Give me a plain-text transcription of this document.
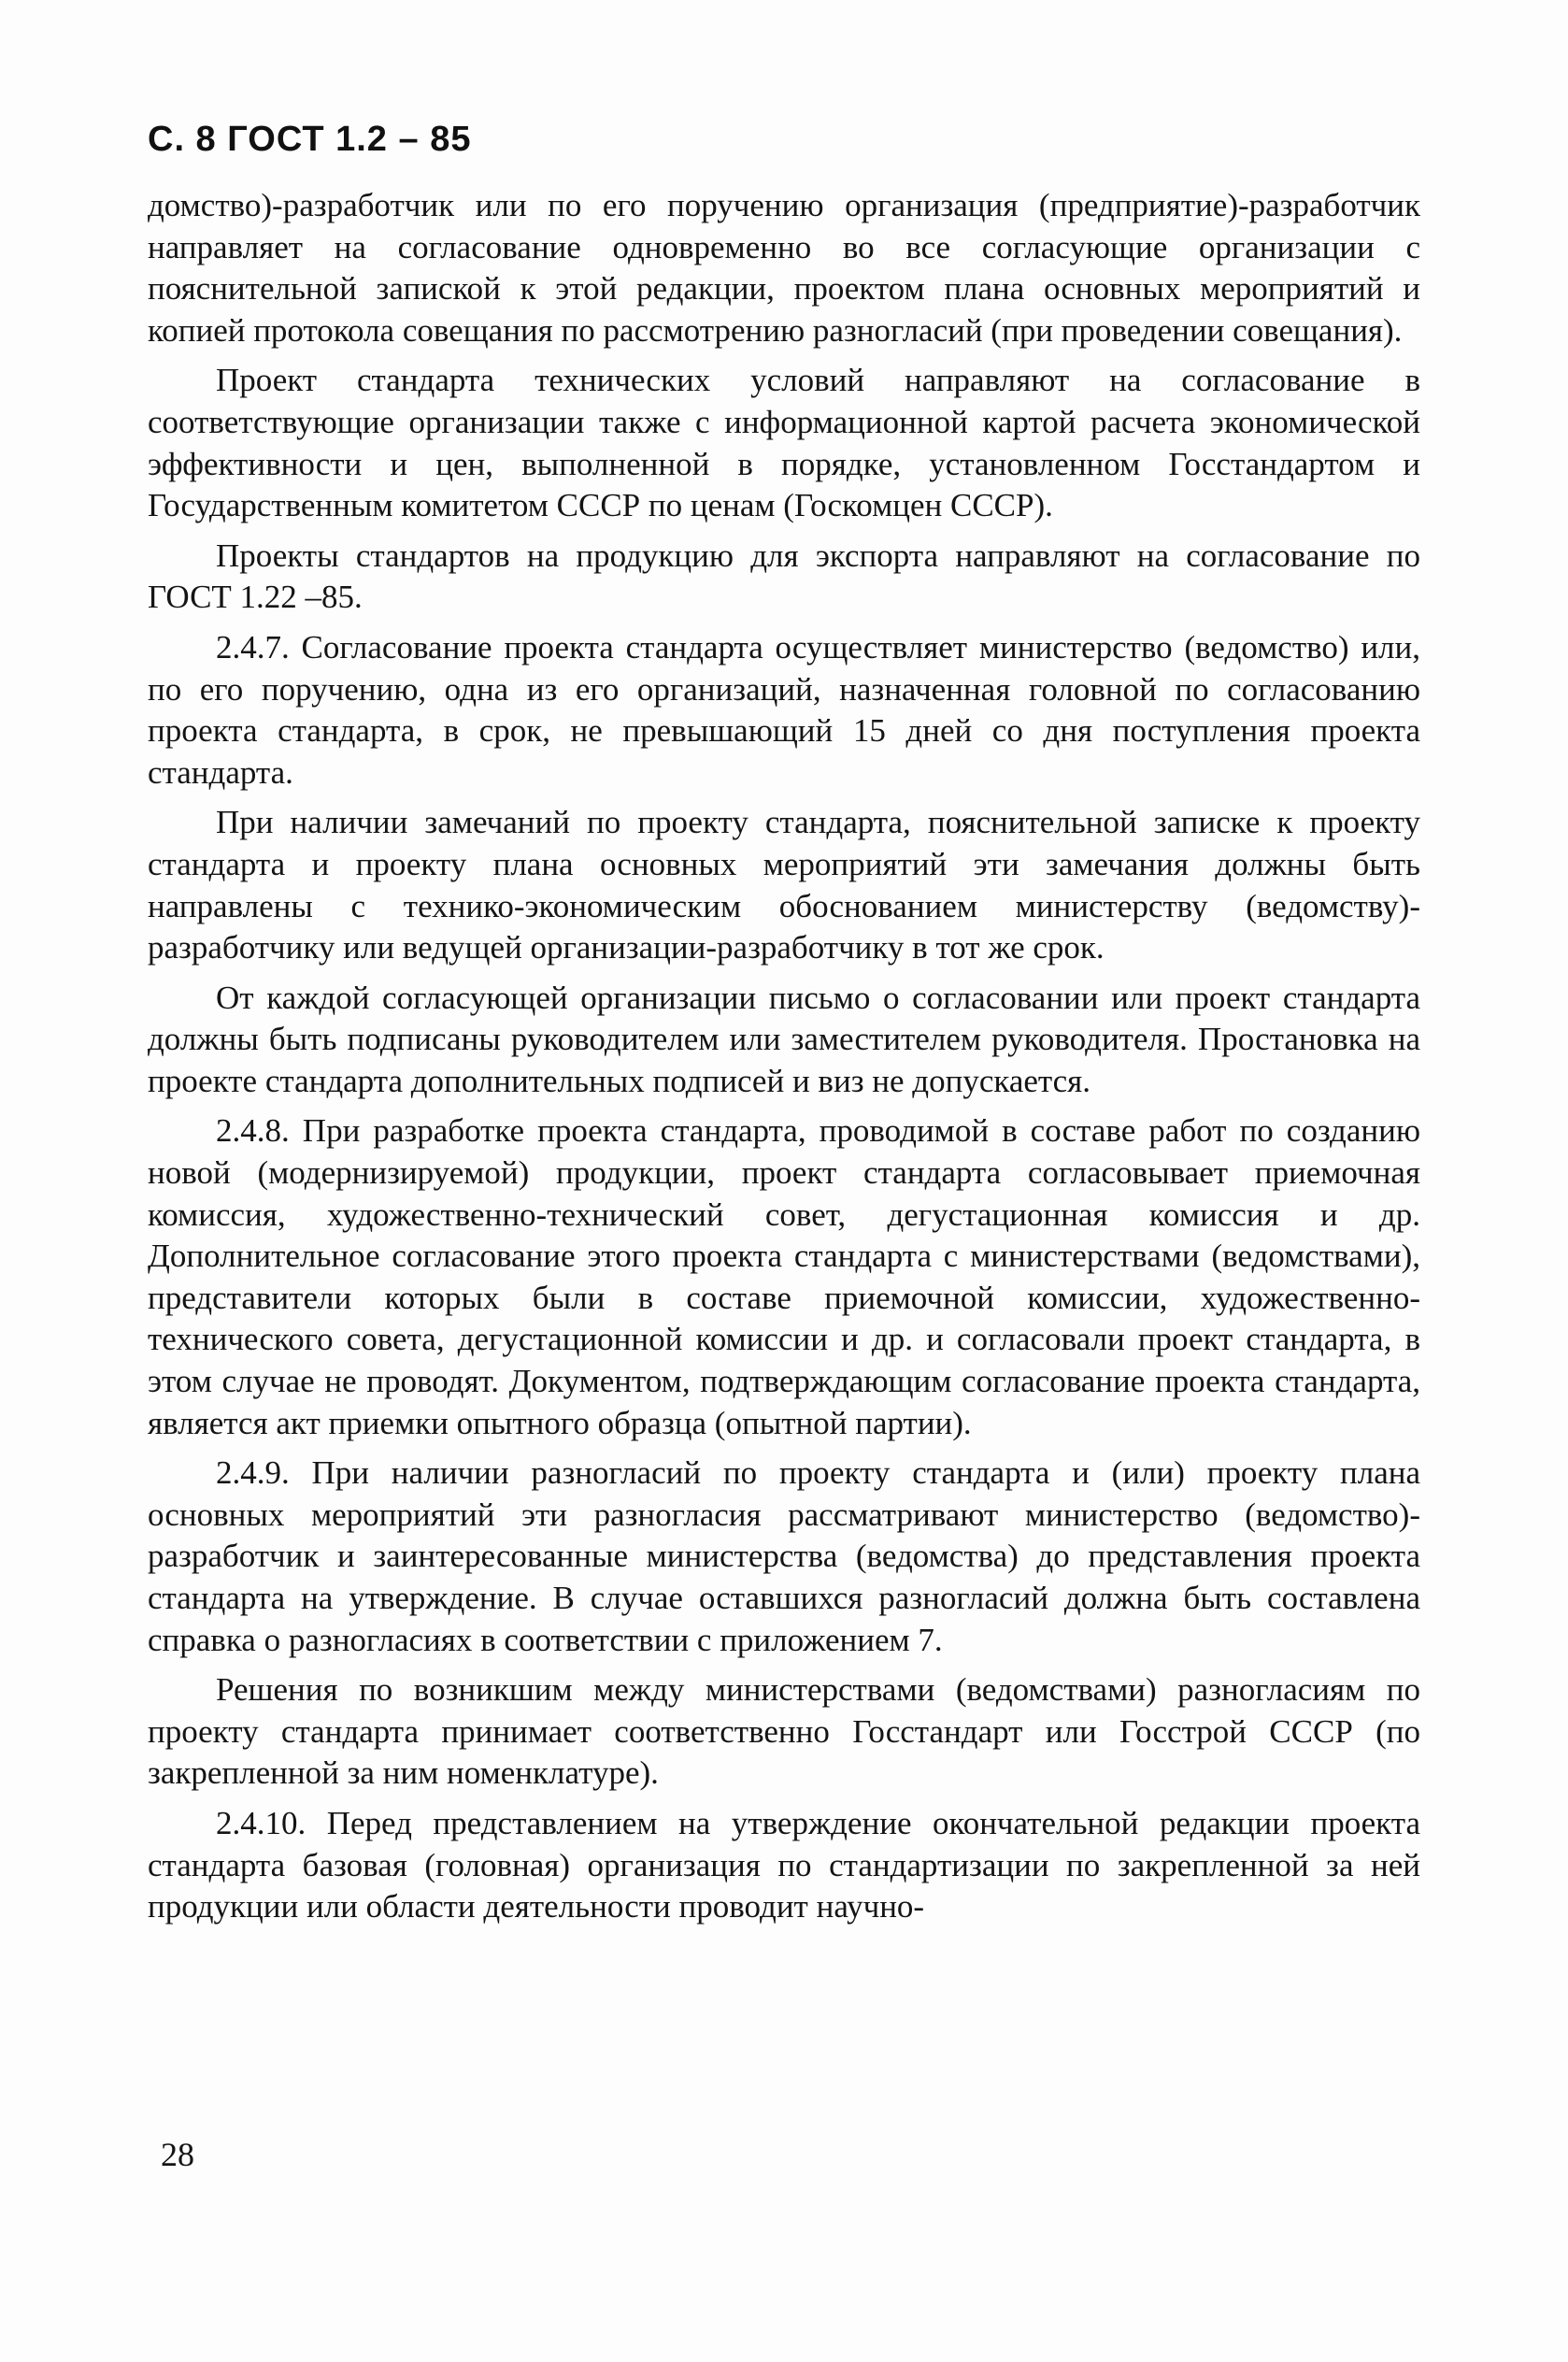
С. 8 ГОСТ 1.2 – 85

домство)-разработчик или по его поручению организация (предприятие)-разработчик направляет на согласование одновременно во все согласующие организации с пояснительной запиской к этой редакции, проектом плана основных мероприятий и копией протокола совещания по рассмотрению разногласий (при проведении совещания).

Проект стандарта технических условий направляют на согласование в соответствующие организации также с информационной картой расчета экономической эффективности и цен, выполненной в порядке, установленном Госстандартом и Государственным комитетом СССР по ценам (Госкомцен СССР).

Проекты стандартов на продукцию для экспорта направляют на согласование по ГОСТ 1.22 –85.

2.4.7. Согласование проекта стандарта осуществляет министерство (ведомство) или, по его поручению, одна из его организаций, назначенная головной по согласованию проекта стандарта, в срок, не превышающий 15 дней со дня поступления проекта стандарта.

При наличии замечаний по проекту стандарта, пояснительной записке к проекту стандарта и проекту плана основных мероприятий эти замечания должны быть направлены с технико-экономическим обоснованием министерству (ведомству)-разработчику или ведущей организации-разработчику в тот же срок.

От каждой согласующей организации письмо о согласовании или проект стандарта должны быть подписаны руководителем или заместителем руководителя. Простановка на проекте стандарта дополнительных подписей и виз не допускается.

2.4.8. При разработке проекта стандарта, проводимой в составе работ по созданию новой (модернизируемой) продукции, проект стандарта согласовывает приемочная комиссия, художественно-технический совет, дегустационная комиссия и др. Дополнительное согласование этого проекта стандарта с министерствами (ведомствами), представители которых были в составе приемочной комиссии, художественно-технического совета, дегустационной комиссии и др. и согласовали проект стандарта, в этом случае не проводят. Документом, подтверждающим согласование проекта стандарта, является акт приемки опытного образца (опытной партии).

2.4.9. При наличии разногласий по проекту стандарта и (или) проекту плана основных мероприятий эти разногласия рассматривают министерство (ведомство)-разработчик и заинтересованные министерства (ведомства) до представления проекта стандарта на утверждение. В случае оставшихся разногласий должна быть составлена справка о разногласиях в соответствии с приложением 7.

Решения по возникшим между министерствами (ведомствами) разногласиям по проекту стандарта принимает соответственно Госстандарт или Госстрой СССР (по закрепленной за ним номенклатуре).

2.4.10. Перед представлением на утверждение окончательной редакции проекта стандарта базовая (головная) организация по стандартизации по закрепленной за ней продукции или области деятельности проводит научно-

28
